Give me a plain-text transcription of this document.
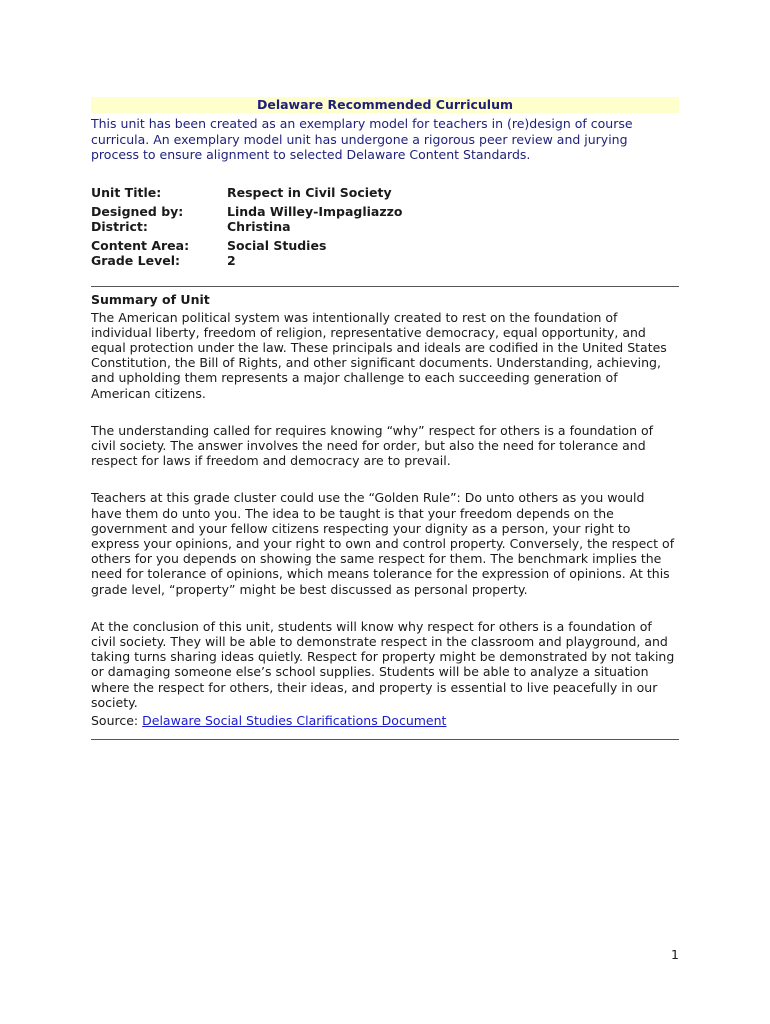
Delaware Recommended Curriculum

This unit has been created as an exemplary model for teachers in (re)design of course curricula. An exemplary model unit has undergone a rigorous peer review and jurying process to ensure alignment to selected Delaware Content Standards.

Unit Title:	Respect in Civil Society
Designed by:	Linda Willey-Impagliazzo
District:	Christina
Content Area:	Social Studies
Grade Level:	2
Summary of Unit

The American political system was intentionally created to rest on the foundation of individual liberty, freedom of religion, representative democracy, equal opportunity, and equal protection under the law. These principals and ideals are codified in the United States Constitution, the Bill of Rights, and other significant documents. Understanding, achieving, and upholding them represents a major challenge to each succeeding generation of American citizens.

The understanding called for requires knowing “why” respect for others is a foundation of civil society. The answer involves the need for order, but also the need for tolerance and respect for laws if freedom and democracy are to prevail.

Teachers at this grade cluster could use the “Golden Rule”: Do unto others as you would have them do unto you. The idea to be taught is that your freedom depends on the government and your fellow citizens respecting your dignity as a person, your right to express your opinions, and your right to own and control property. Conversely, the respect of others for you depends on showing the same respect for them. The benchmark implies the need for tolerance of opinions, which means tolerance for the expression of opinions. At this grade level, “property” might be best discussed as personal property.

At the conclusion of this unit, students will know why respect for others is a foundation of civil society. They will be able to demonstrate respect in the classroom and playground, and taking turns sharing ideas quietly. Respect for property might be demonstrated by not taking or damaging someone else’s school supplies. Students will be able to analyze a situation where the respect for others, their ideas, and property is essential to live peacefully in our society.

Source: Delaware Social Studies Clarifications Document

1
